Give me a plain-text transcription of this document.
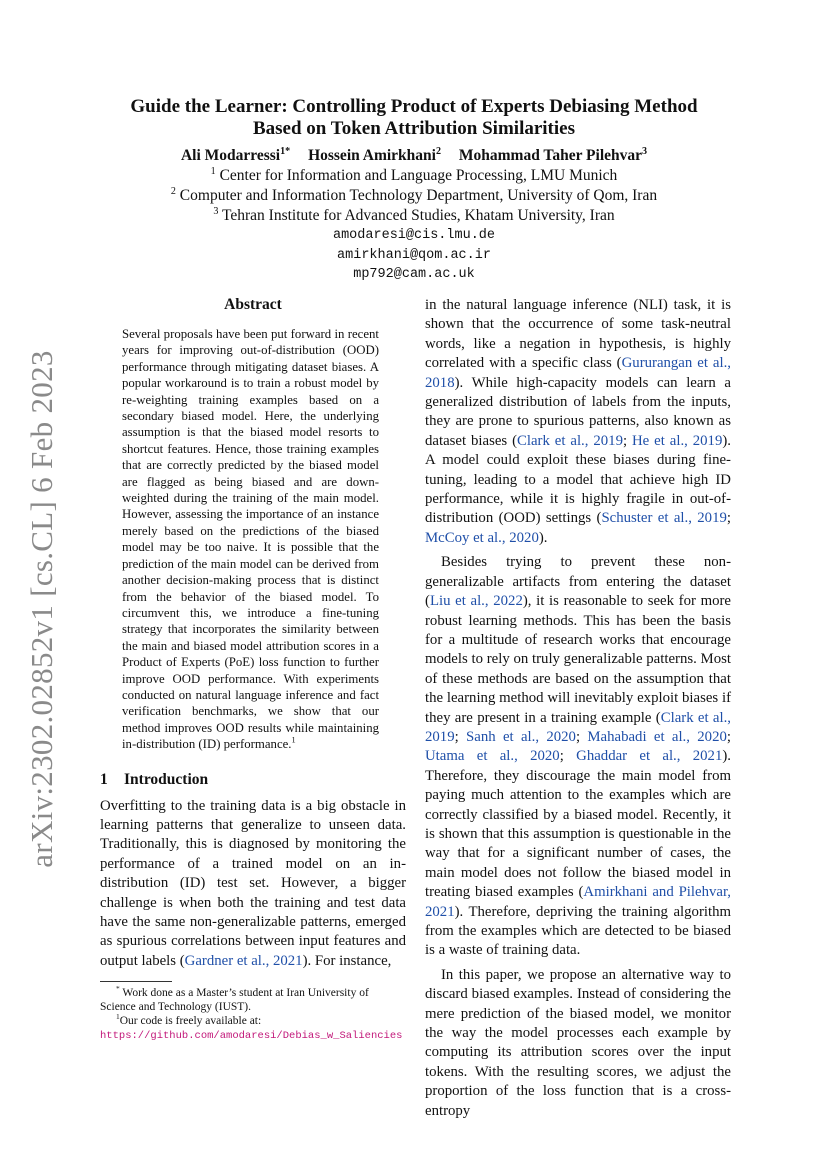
arXiv:2302.02852v1 [cs.CL] 6 Feb 2023
Guide the Learner: Controlling Product of Experts Debiasing Method
Based on Token Attribution Similarities
Ali Modarressi$^{1*}$ Hossein Amirkhani$^2$ Mohammad Taher Pilehvar$^3$
$^1$ Center for Information and Language Processing, LMU Munich
$^2$ Computer and Information Technology Department, University of Qom, Iran
$^3$ Tehran Institute for Advanced Studies, Khatam University, Iran
amodaresi@cis.lmu.de
amirkhani@qom.ac.ir
mp792@cam.ac.uk
Abstract
Several proposals have been put forward in recent years for improving out-of-distribution (OOD) performance through mitigating dataset biases. A popular workaround is to train a robust model by re-weighting training examples based on a secondary biased model. Here, the underlying assumption is that the biased model resorts to shortcut features. Hence, those training examples that are correctly predicted by the biased model are flagged as being biased and are down-weighted during the training of the main model. However, assessing the importance of an instance merely based on the predictions of the biased model may be too naive. It is possible that the prediction of the main model can be derived from another decision-making process that is distinct from the behavior of the biased model. To circumvent this, we introduce a fine-tuning strategy that incorporates the similarity between the main and biased model attribution scores in a Product of Experts (PoE) loss function to further improve OOD performance. With experiments conducted on natural language inference and fact verification benchmarks, we show that our method improves OOD results while maintaining in-distribution (ID) performance.$^1$
1 Introduction

Overfitting to the training data is a big obstacle in learning patterns that generalize to unseen data. Traditionally, this is diagnosed by monitoring the performance of a trained model on an in-distribution (ID) test set. However, a bigger challenge is when both the training and test data have the same non-generalizable patterns, emerged as spurious correlations between input features and output labels (Gardner et al., 2021). For instance,

* Work done as a Master’s student at Iran University of Science and Technology (IUST).

$^1$Our code is freely available at: https://github.com/amodaresi/Debias_w_Saliencies

in the natural language inference (NLI) task, it is shown that the occurrence of some task-neutral words, like a negation in hypothesis, is highly correlated with a specific class (Gururangan et al., 2018). While high-capacity models can learn a generalized distribution of labels from the inputs, they are prone to spurious patterns, also known as dataset biases (Clark et al., 2019; He et al., 2019). A model could exploit these biases during fine-tuning, leading to a model that achieve high ID performance, while it is highly fragile in out-of-distribution (OOD) settings (Schuster et al., 2019; McCoy et al., 2020).

Besides trying to prevent these non-generalizable artifacts from entering the dataset (Liu et al., 2022), it is reasonable to seek for more robust learning methods. This has been the basis for a multitude of research works that encourage models to rely on truly generalizable patterns. Most of these methods are based on the assumption that the learning method will inevitably exploit biases if they are present in a training example (Clark et al., 2019; Sanh et al., 2020; Mahabadi et al., 2020; Utama et al., 2020; Ghaddar et al., 2021). Therefore, they discourage the main model from paying much attention to the examples which are correctly classified by a biased model. Recently, it is shown that this assumption is questionable in the way that for a significant number of cases, the main model does not follow the biased model in treating biased examples (Amirkhani and Pilehvar, 2021). Therefore, depriving the training algorithm from the examples which are detected to be biased is a waste of training data.

In this paper, we propose an alternative way to discard biased examples. Instead of considering the mere prediction of the biased model, we monitor the way the model processes each example by computing its attribution scores over the input tokens. With the resulting scores, we adjust the proportion of the loss function that is a cross-entropy
